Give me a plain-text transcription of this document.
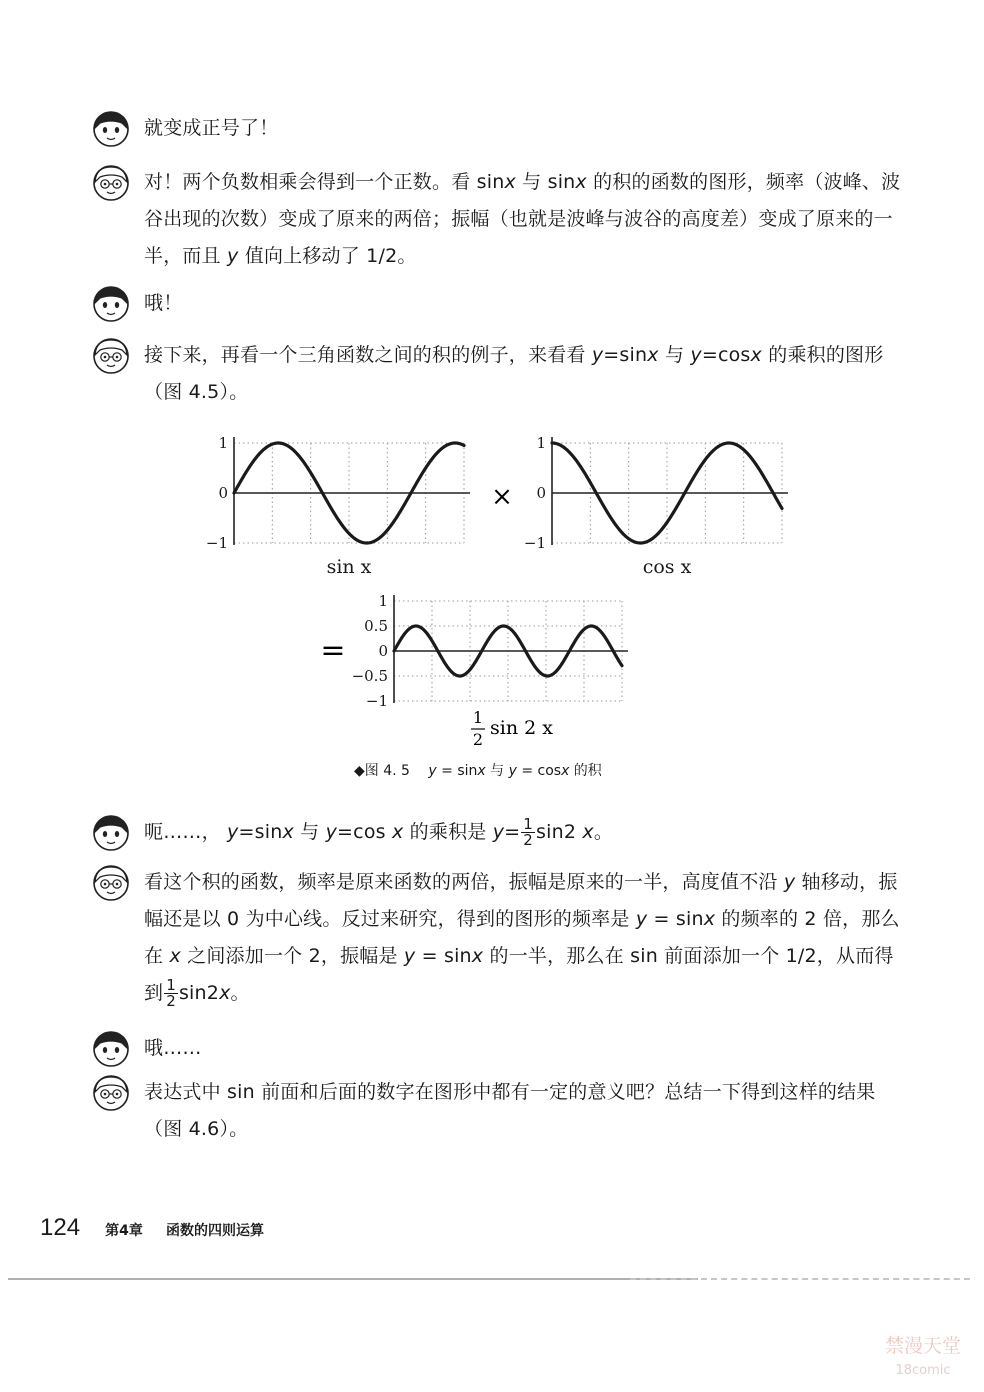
就变成正号了！
对！两个负数相乘会得到一个正数。看 sinx 与 sinx 的积的函数的图形，频率（波峰、波谷出现的次数）变成了原来的两倍；振幅（也就是波峰与波谷的高度差）变成了原来的一半，而且 y 值向上移动了 1/2。
哦！
接下来，再看一个三角函数之间的积的例子，来看看 y=sinx 与 y=cosx 的乘积的图形（图 4.5）。
呃……， y=sinx 与 y=cos x 的乘积是 $y= \frac{1}{2} \sin 2$ x。
看这个积的函数，频率是原来函数的两倍，振幅是原来的一半，高度值不沿 y 轴移动，振幅还是以 0 为中心线。反过来研究，得到的图形的频率是 y = sinx 的频率的 2 倍，那么在 x 之间添加一个 2，振幅是 y = sinx 的一半，那么在 sin 前面添加一个 1/2，从而得到 $\frac{1}{2} \sin 2x$。
哦……
表达式中 sin 前面和后面的数字在图形中都有一定的意义吧？总结一下得到这样的结果（图 4.6）。
1
0
−1
sin x
1
0
−1
cos x
1
0.5
0
−0.5
−1
1
2
sin 2 x
×
=
◆图 4. 5 y = sinx 与 y = cosx 的积
124 第4章 函数的四则运算
禁漫天堂
18comic
